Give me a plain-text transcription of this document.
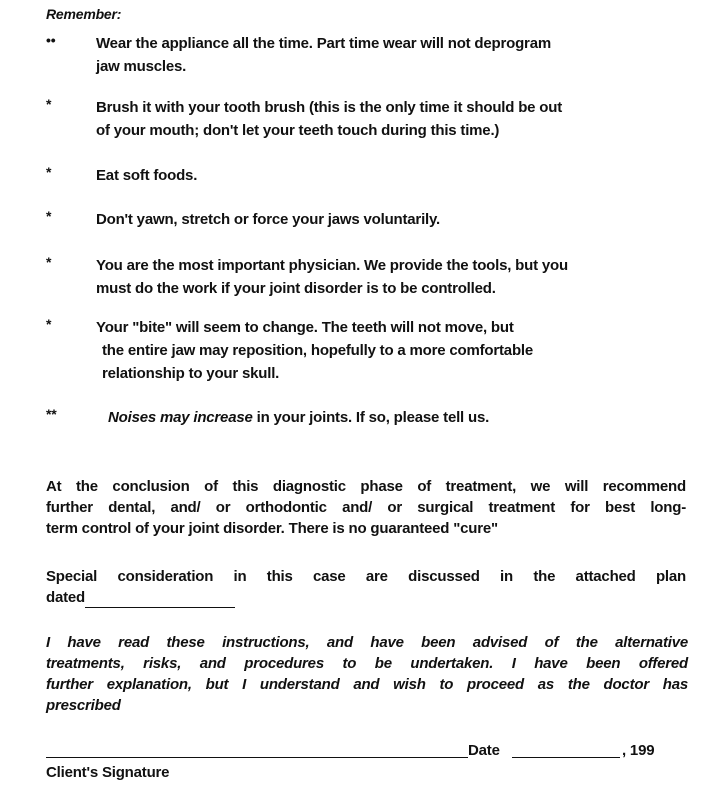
Remember:
••	Wear the appliance all the time. Part time wear will not deprogram
jaw muscles.
*	Brush it with your tooth brush (this is the only time it should be out
of your mouth; don't let your teeth touch during this time.)
*	Eat soft foods.
*	Don't yawn, stretch or force your jaws voluntarily.
*	You are the most important physician. We provide the tools, but you
must do the work if your joint disorder is to be controlled.
*	Your "bite" will seem to change. The teeth will not move, but
the entire jaw may reposition, hopefully to a more comfortable
relationship to your skull.
**	Noises may increase in your joints. If so, please tell us.
At the conclusion of this diagnostic phase of treatment, we will recommend
further dental, and/ or orthodontic and/ or surgical treatment for best long-
term control of your joint disorder. There is no guaranteed "cure"
Special consideration in this case are discussed in the attached plan
dated
I have read these instructions, and have been advised of the alternative
treatments, risks, and procedures to be undertaken. I have been offered
further explanation, but I understand and wish to proceed as the doctor has
prescribed
Date	, 199
Client's Signature
